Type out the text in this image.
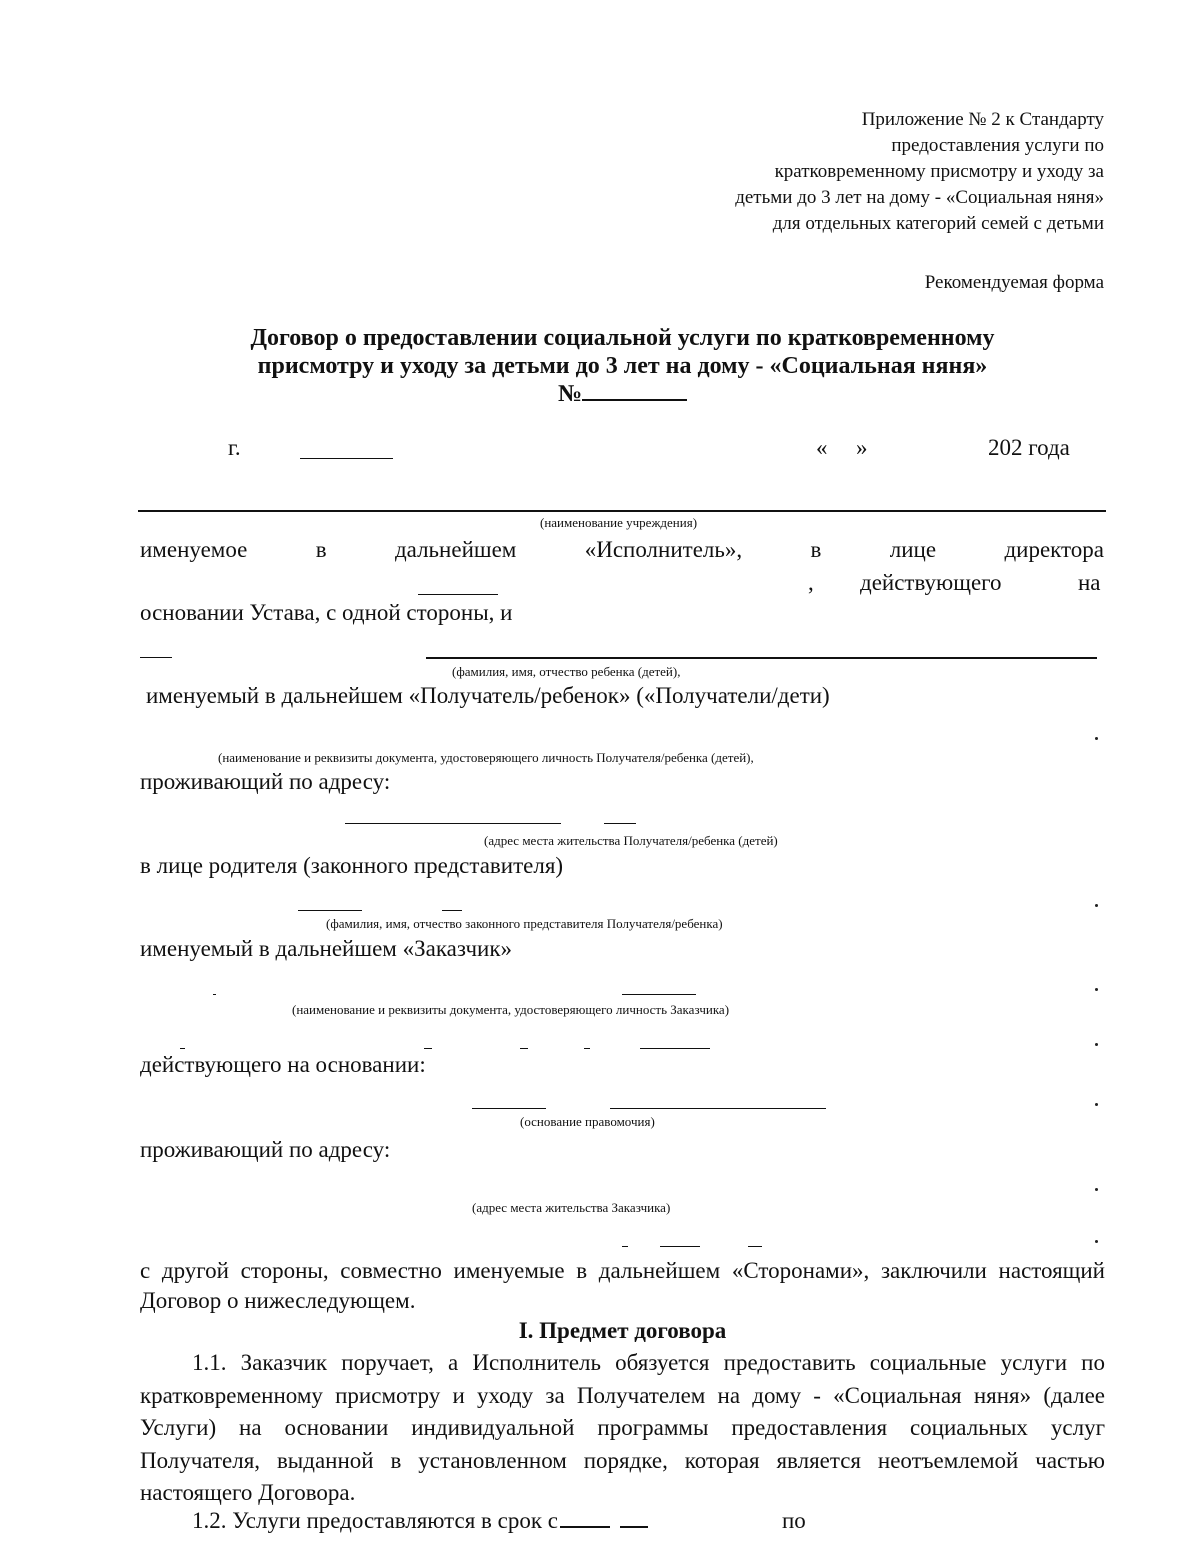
Приложение № 2 к Стандарту
предоставления услуги по
кратковременному присмотру и уходу за
детьми до 3 лет на дому - «Социальная няня»
для отдельных категорий семей с детьми
Рекомендуемая форма
Договор о предоставлении социальной услуги по кратковременному
присмотру и уходу за детьми до 3 лет на дому - «Социальная няня»
№
г.	« »	202 года
(наименование учреждения)
именуемое	в	дальнейшем	«Исполнитель»,	в	лице	директора
, действующего	на
основании Устава, с одной стороны, и
(фамилия, имя, отчество ребенка (детей),
именуемый в дальнейшем «Получатель/ребенок» («Получатели/дети)
(наименование и реквизиты документа, удостоверяющего личность Получателя/ребенка (детей),
проживающий по адресу:
(адрес места жительства Получателя/ребенка (детей)
в лице родителя (законного представителя)
(фамилия, имя, отчество законного представителя Получателя/ребенка)
именуемый в дальнейшем «Заказчик»
(наименование и реквизиты документа, удостоверяющего личность Заказчика)
действующего на основании:
(основание правомочия)
проживающий по адресу:
(адрес места жительства Заказчика)
с другой стороны, совместно именуемые в дальнейшем «Сторонами», заключили настоящий Договор о нижеследующем.
I. Предмет договора
1.1. Заказчик поручает, а Исполнитель обязуется предоставить социальные услуги по кратковременному присмотру и уходу за Получателем на дому - «Социальная няня» (далее Услуги) на основании индивидуальной программы предоставления социальных услуг Получателя, выданной в установленном порядке, которая является неотъемлемой частью настоящего Договора.
1.2. Услуги предоставляются в срок с	по
